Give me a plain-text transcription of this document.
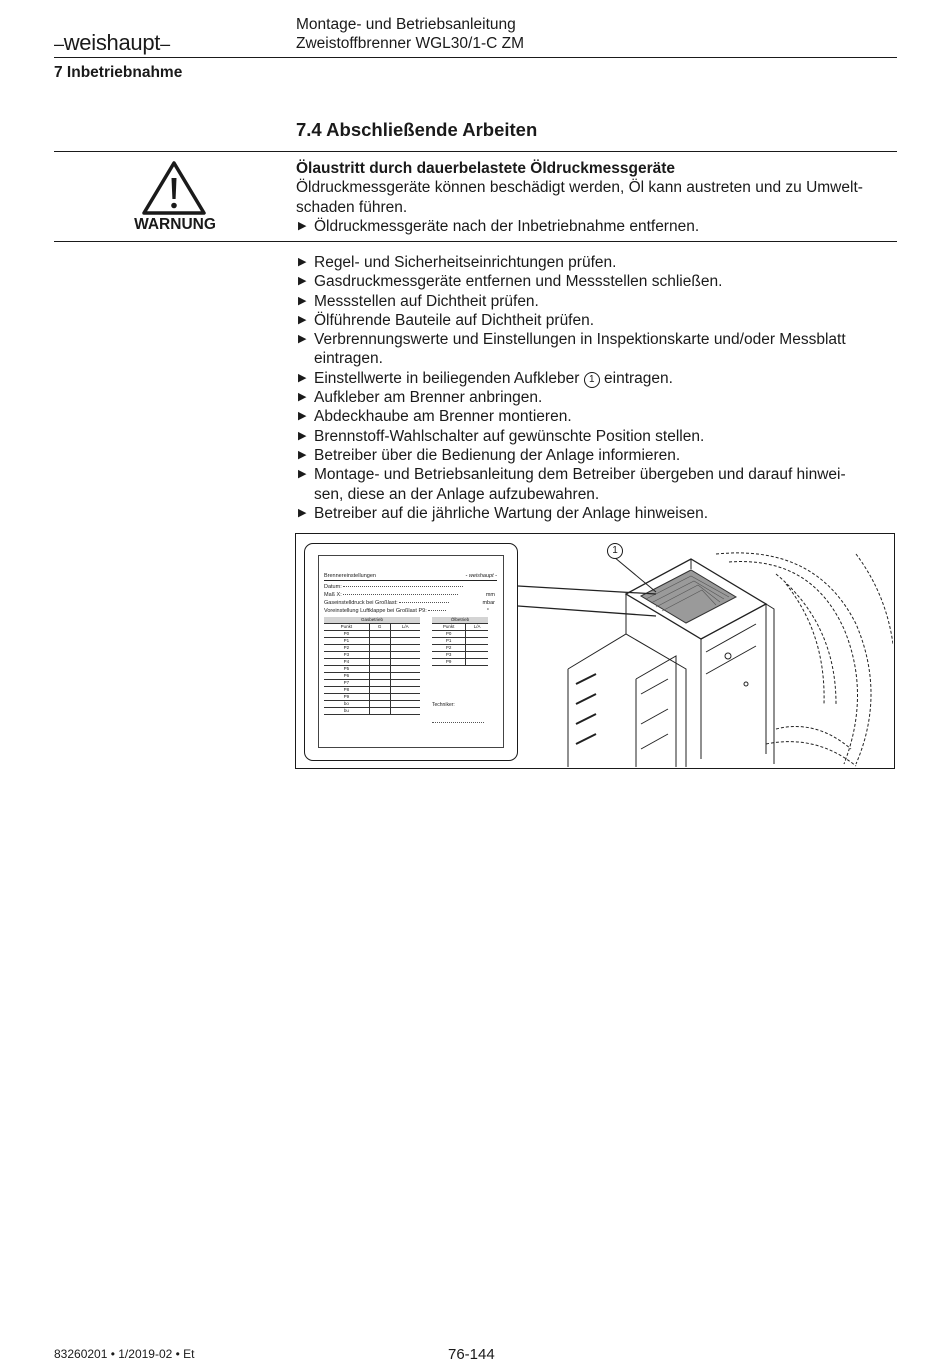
–weishaupt–
Montage- und Betriebsanleitung
Zweistoffbrenner WGL30/1-C ZM
7 Inbetriebnahme
7.4 Abschließende Arbeiten
WARNUNG
Ölaustritt durch dauerbelastete Öldruckmessgeräte
Öldruckmessgeräte können beschädigt werden, Öl kann austreten und zu Umwelt-
schaden führen.
▶ Öldruckmessgeräte nach der Inbetriebnahme entfernen.
▶ Regel- und Sicherheitseinrichtungen prüfen.
▶ Gasdruckmessgeräte entfernen und Messstellen schließen.
▶ Messstellen auf Dichtheit prüfen.
▶ Ölführende Bauteile auf Dichtheit prüfen.
▶ Verbrennungswerte und Einstellungen in Inspektionskarte und/oder Messblatt
eintragen.
▶ Einstellwerte in beiliegenden Aufkleber 1 eintragen.
▶ Aufkleber am Brenner anbringen.
▶ Abdeckhaube am Brenner montieren.
▶ Brennstoff-Wahlschalter auf gewünschte Position stellen.
▶ Betreiber über die Bedienung der Anlage informieren.
▶ Montage- und Betriebsanleitung dem Betreiber übergeben und darauf hinwei-
sen, diese an der Anlage aufzubewahren.
▶ Betreiber auf die jährliche Wartung der Anlage hinweisen.
1
Brennereinstellungen	- weishaupt -
Datum:
Maß X:	mm
Gaseinstelldruck bei Großlast:	mbar
Voreinstellung Luftklappe bei Großlast P9:	°
Gasbetrieb		
Punkt	G	L/A
P0		
P1		
P2		
P3		
P4		
P5		
P6		
P7		
P8		
P9		
bo		
bu		
Ölbetrieb	
Punkt	L/A
P0	
P1	
P2	
P3	
P9	
Techniker:
83260201 • 1/2019-02 • Et	76-144
